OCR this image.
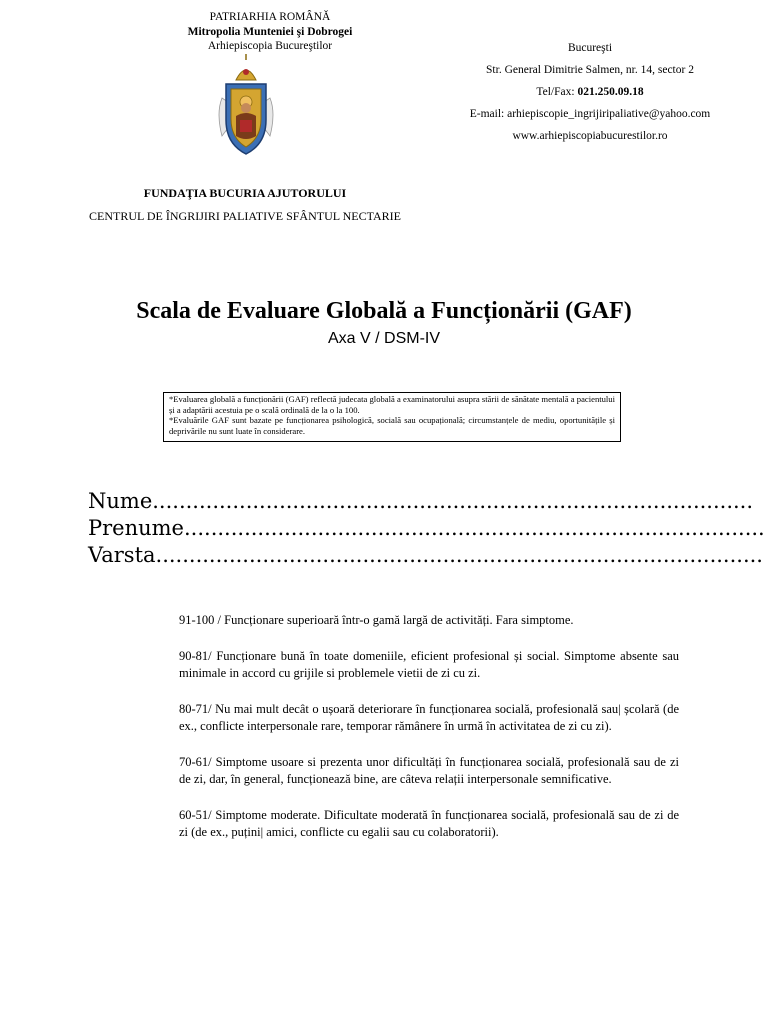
PATRIARHIA ROMÂNĂ
Mitropolia Munteniei şi Dobrogei
Arhiepiscopia Bucureştilor	Bucureşti
Str. General Dimitrie Salmen, nr. 14, sector 2
Tel/Fax: 021.250.09.18
E-mail: arhiepiscopie_ingrijiripaliative@yahoo.com
www.arhiepiscopiabucurestilor.ro
FUNDAŢIA BUCURIA AJUTORULUI
CENTRUL DE ÎNGRIJIRI PALIATIVE SFÂNTUL NECTARIE
Scala de Evaluare Globală a Funcționării (GAF)
Axa V / DSM-IV
*Evaluarea globală a funcționării (GAF) reflectă judecata globală a examinatorului asupra stării de sănătate mentală a pacientului și a adaptării acestuia pe o scală ordinală de la o la 100.
*Evaluările GAF sunt bazate pe funcționarea psihologică, socială sau ocupațională; circumstanțele de mediu, oportunitățile și deprivările nu sunt luate în considerare.
Nume..........................................................................................
Prenume.......................................................................................
Varsta...........................................................................................

91-100 / Funcționare superioară într-o gamă largă de activități. Fara simptome.

90-81/ Funcționare bună în toate domeniile, eficient profesional și social. Simptome absente sau minimale in accord cu grijile si problemele vietii de zi cu zi.

80-71/ Nu mai mult decât o ușoară deteriorare în funcționarea socială, profesională sau| școlară (de ex., conflicte interpersonale rare, temporar rămânere în urmă în activitatea de zi cu zi).

70-61/ Simptome usoare si prezenta unor dificultăți în funcționarea socială, profesională sau de zi de zi, dar, în general, funcționează bine, are câteva relații interpersonale semnificative.

60-51/ Simptome moderate. Dificultate moderată în funcționarea socială, profesională sau de zi de zi (de ex., puțini| amici, conflicte cu egalii sau cu colaboratorii).
